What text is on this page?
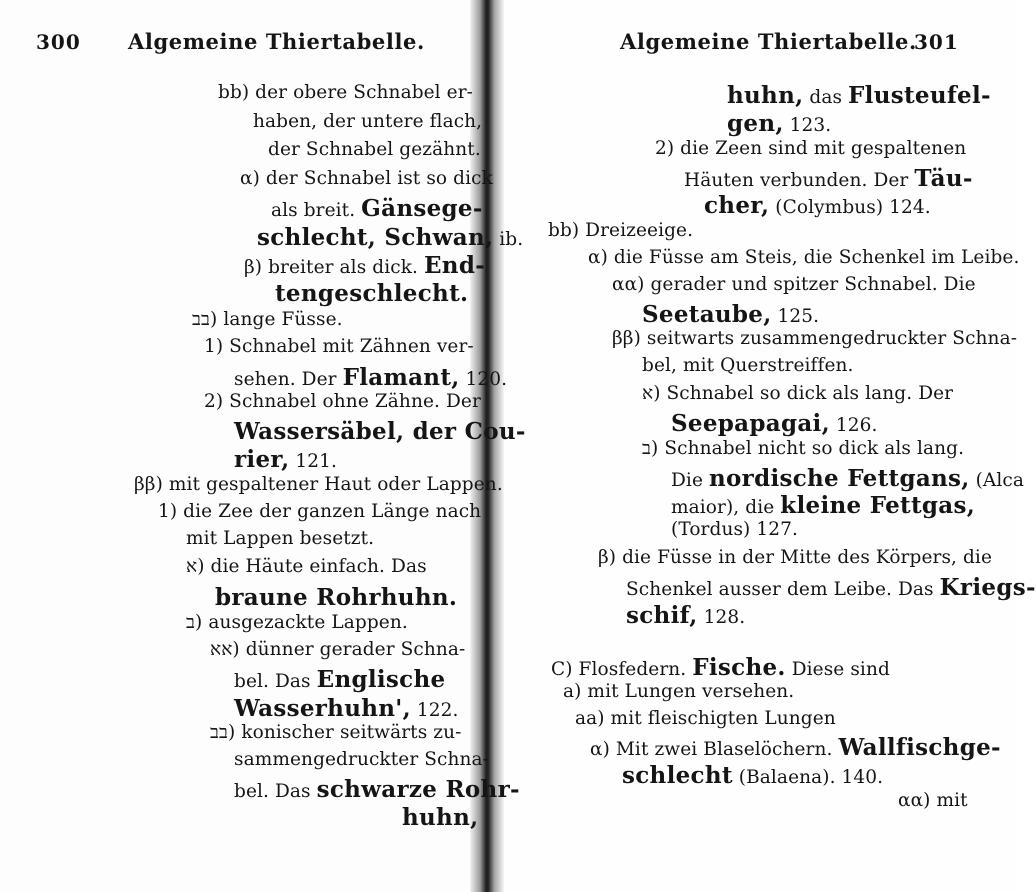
300 Algemeine Thiertabelle.
bb) der obere Schnabel er-
haben, der untere flach,
der Schnabel gezähnt.
α) der Schnabel ist so dick
als breit. Gänsege-
schlecht, Schwan, ib.
β) breiter als dick. End-
tengeschlecht.
בב) lange Füsse.
1) Schnabel mit Zähnen ver-
sehen. Der Flamant, 120.
2) Schnabel ohne Zähne. Der
Wassersäbel, der Cou-
rier, 121.
ββ) mit gespaltener Haut oder Lappen.
1) die Zee der ganzen Länge nach
mit Lappen besetzt.
א) die Häute einfach. Das
braune Rohrhuhn.
ב) ausgezackte Lappen.
אא) dünner gerader Schna-
bel. Das Englische
Wasserhuhn', 122.
בב) konischer seitwärts zu-
sammengedruckter Schna-
bel. Das schwarze Rohr-
huhn,
Algemeine Thiertabelle.
301
huhn, das Flusteufel-
gen, 123.
2) die Zeen sind mit gespaltenen
Häuten verbunden. Der Täu-
cher, (Colymbus) 124.
bb) Dreizeeige.
α) die Füsse am Steis, die Schenkel im Leibe.
αα) gerader und spitzer Schnabel. Die
Seetaube, 125.
ββ) seitwarts zusammengedruckter Schna-
bel, mit Querstreiffen.
א) Schnabel so dick als lang. Der
Seepapagai, 126.
ב) Schnabel nicht so dick als lang.
Die nordische Fettgans, (Alca
maior), die kleine Fettgas,
(Tordus) 127.
β) die Füsse in der Mitte des Körpers, die
Schenkel ausser dem Leibe. Das Kriegs-
schif, 128.
C) Flosfedern. Fische. Diese sind
a) mit Lungen versehen.
aa) mit fleischigten Lungen
α) Mit zwei Blaselöchern. Wallfischge-
schlecht (Balaena). 140.
αα) mit
